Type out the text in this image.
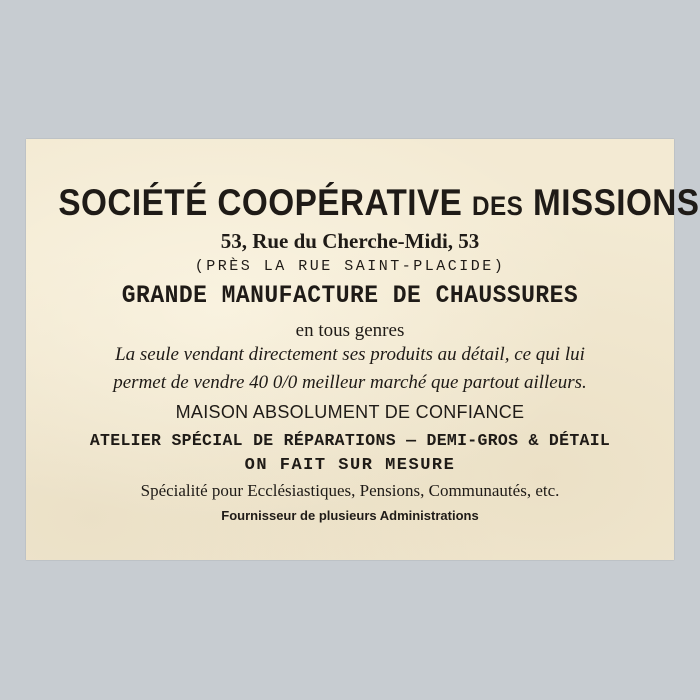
SOCIÉTÉ COOPÉRATIVE DES MISSIONS
53, Rue du Cherche-Midi, 53
(PRÈS LA RUE SAINT-PLACIDE)
GRANDE MANUFACTURE DE CHAUSSURES
en tous genres
La seule vendant directement ses produits au détail, ce qui lui
permet de vendre 40 0/0 meilleur marché que partout ailleurs.
MAISON ABSOLUMENT DE CONFIANCE
ATELIER SPÉCIAL DE RÉPARATIONS — DEMI-GROS & DÉTAIL
ON FAIT SUR MESURE
Spécialité pour Ecclésiastiques, Pensions, Communautés, etc.
Fournisseur de plusieurs Administrations
